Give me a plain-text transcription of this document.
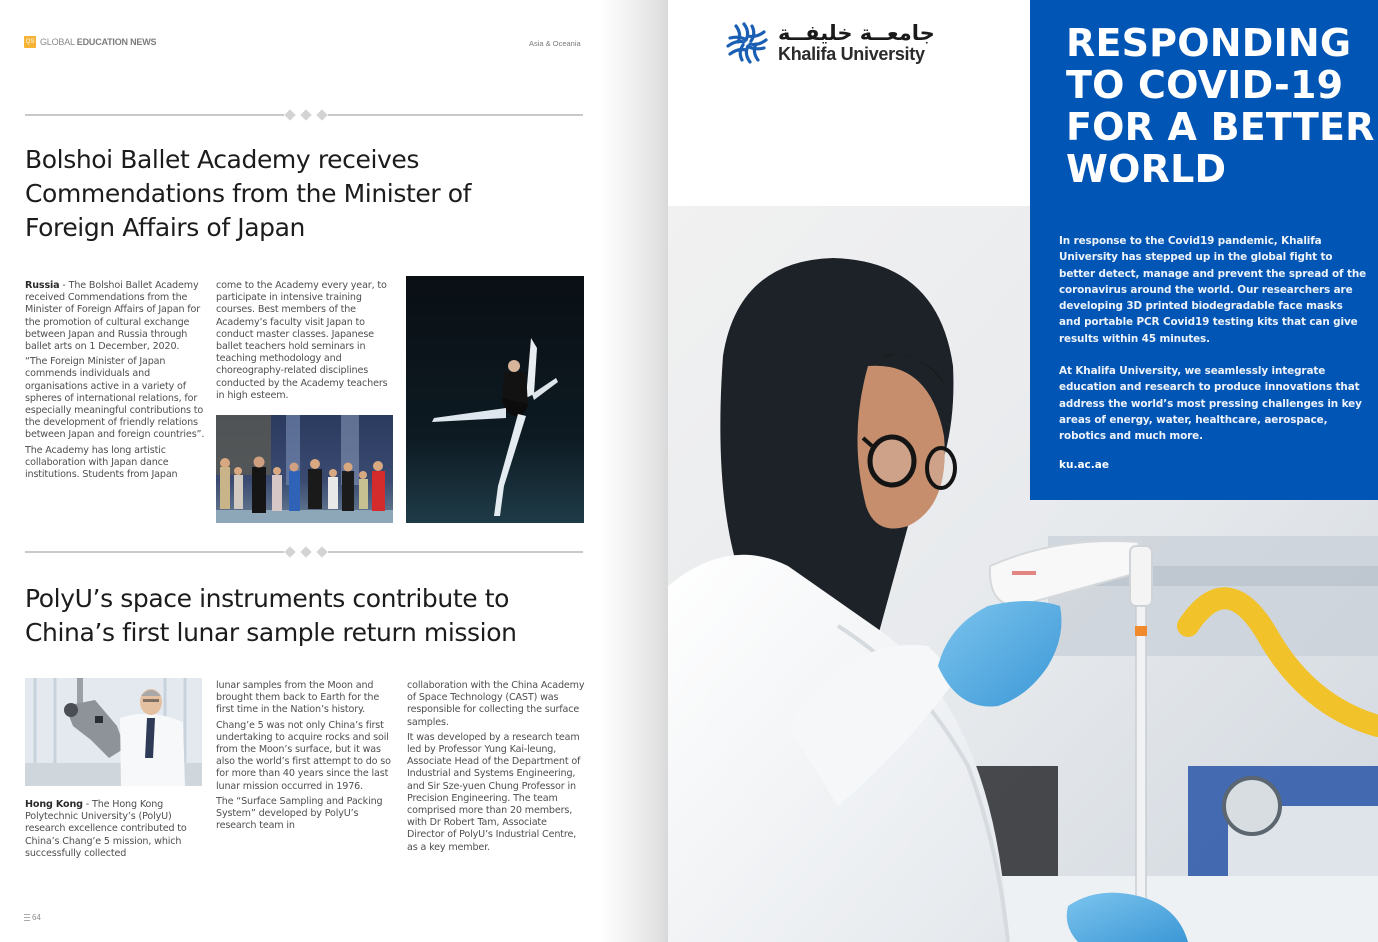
QS GLOBAL EDUCATION NEWS	Asia & Oceania
Bolshoi Ballet Academy receives Commendations from the Minister of Foreign Affairs of Japan

Russia - The Bolshoi Ballet Academy received Commendations from the Minister of Foreign Affairs of Japan for the promotion of cultural exchange between Japan and Russia through ballet arts on 1 December, 2020.

“The Foreign Minister of Japan commends individuals and organisations active in a variety of spheres of international relations, for especially meaningful contributions to the development of friendly relations between Japan and foreign countries”.

The Academy has long artistic collaboration with Japan dance institutions. Students from Japan

come to the Academy every year, to participate in intensive training courses. Best members of the Academy’s faculty visit Japan to conduct master classes. Japanese ballet teachers hold seminars in teaching methodology and choreography-related disciplines conducted by the Academy teachers in high esteem.

PolyU’s space instruments contribute to China’s first lunar sample return mission

Hong Kong - The Hong Kong Polytechnic University’s (PolyU) research excellence contributed to China’s Chang’e 5 mission, which successfully collected

lunar samples from the Moon and brought them back to Earth for the first time in the Nation’s history.

Chang’e 5 was not only China’s first undertaking to acquire rocks and soil from the Moon’s surface, but it was also the world’s first attempt to do so for more than 40 years since the last lunar mission occurred in 1976.

The “Surface Sampling and Packing System” developed by PolyU’s research team in

collaboration with the China Academy of Space Technology (CAST) was responsible for collecting the surface samples.

It was developed by a research team led by Professor Yung Kai-leung, Associate Head of the Department of Industrial and Systems Engineering, and Sir Sze-yuen Chung Professor in Precision Engineering. The team comprised more than 20 members, with Dr Robert Tam, Associate Director of PolyU’s Industrial Centre, as a key member.

64
جامعــة خليفــة
Khalifa University	RESPONDING
TO COVID-19
FOR A BETTER
WORLD

In response to the Covid19 pandemic, Khalifa University has stepped up in the global fight to better detect, manage and prevent the spread of the coronavirus around the world. Our researchers are developing 3D printed biodegradable face masks and portable PCR Covid19 testing kits that can give results within 45 minutes.

At Khalifa University, we seamlessly integrate education and research to produce innovations that address the world’s most pressing challenges in key areas of energy, water, healthcare, aerospace, robotics and much more.

ku.ac.ae
